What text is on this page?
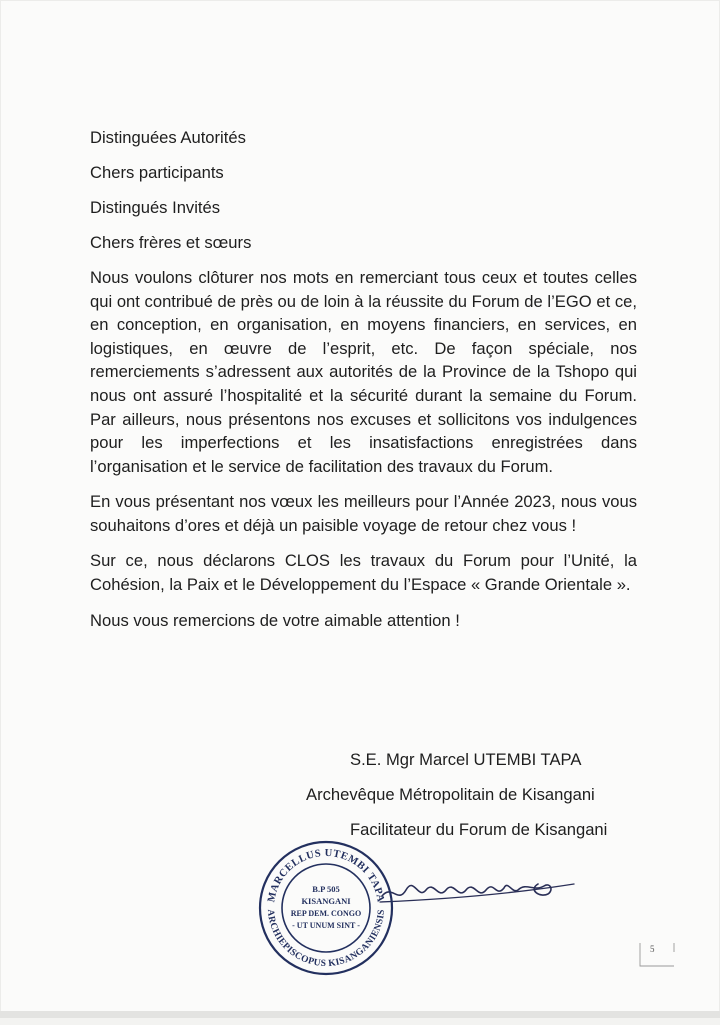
Distinguées Autorités
Chers participants
Distingués Invités
Chers frères et sœurs

Nous voulons clôturer nos mots en remerciant tous ceux et toutes celles qui ont contribué de près ou de loin à la réussite du Forum de l’EGO et ce, en conception, en organisation, en moyens financiers, en services, en logistiques, en œuvre de l’esprit, etc. De façon spéciale, nos remerciements s’adressent aux autorités de la Province de la Tshopo qui nous ont assuré l’hospitalité et la sécurité durant la semaine du Forum. Par ailleurs, nous présentons nos excuses et sollicitons vos indulgences pour les imperfections et les insatisfactions enregistrées dans l’organisation et le service de facilitation des travaux du Forum.

En vous présentant nos vœux les meilleurs pour l’Année 2023, nous vous souhaitons d’ores et déjà un paisible voyage de retour chez vous !

Sur ce, nous déclarons CLOS les travaux du Forum pour l’Unité, la Cohésion, la Paix et le Développement du l’Espace « Grande Orientale ».

Nous vous remercions de votre aimable attention !

S.E. Mgr Marcel UTEMBI TAPA
Archevêque Métropolitain de Kisangani
Facilitateur du Forum de Kisangani
MARCELLUS UTEMBI TAPA
ARCHIEPISCOPUS KISANGANIENSIS
B.P 505
KISANGANI
REP DEM. CONGO
- UT UNUM SINT -
5
